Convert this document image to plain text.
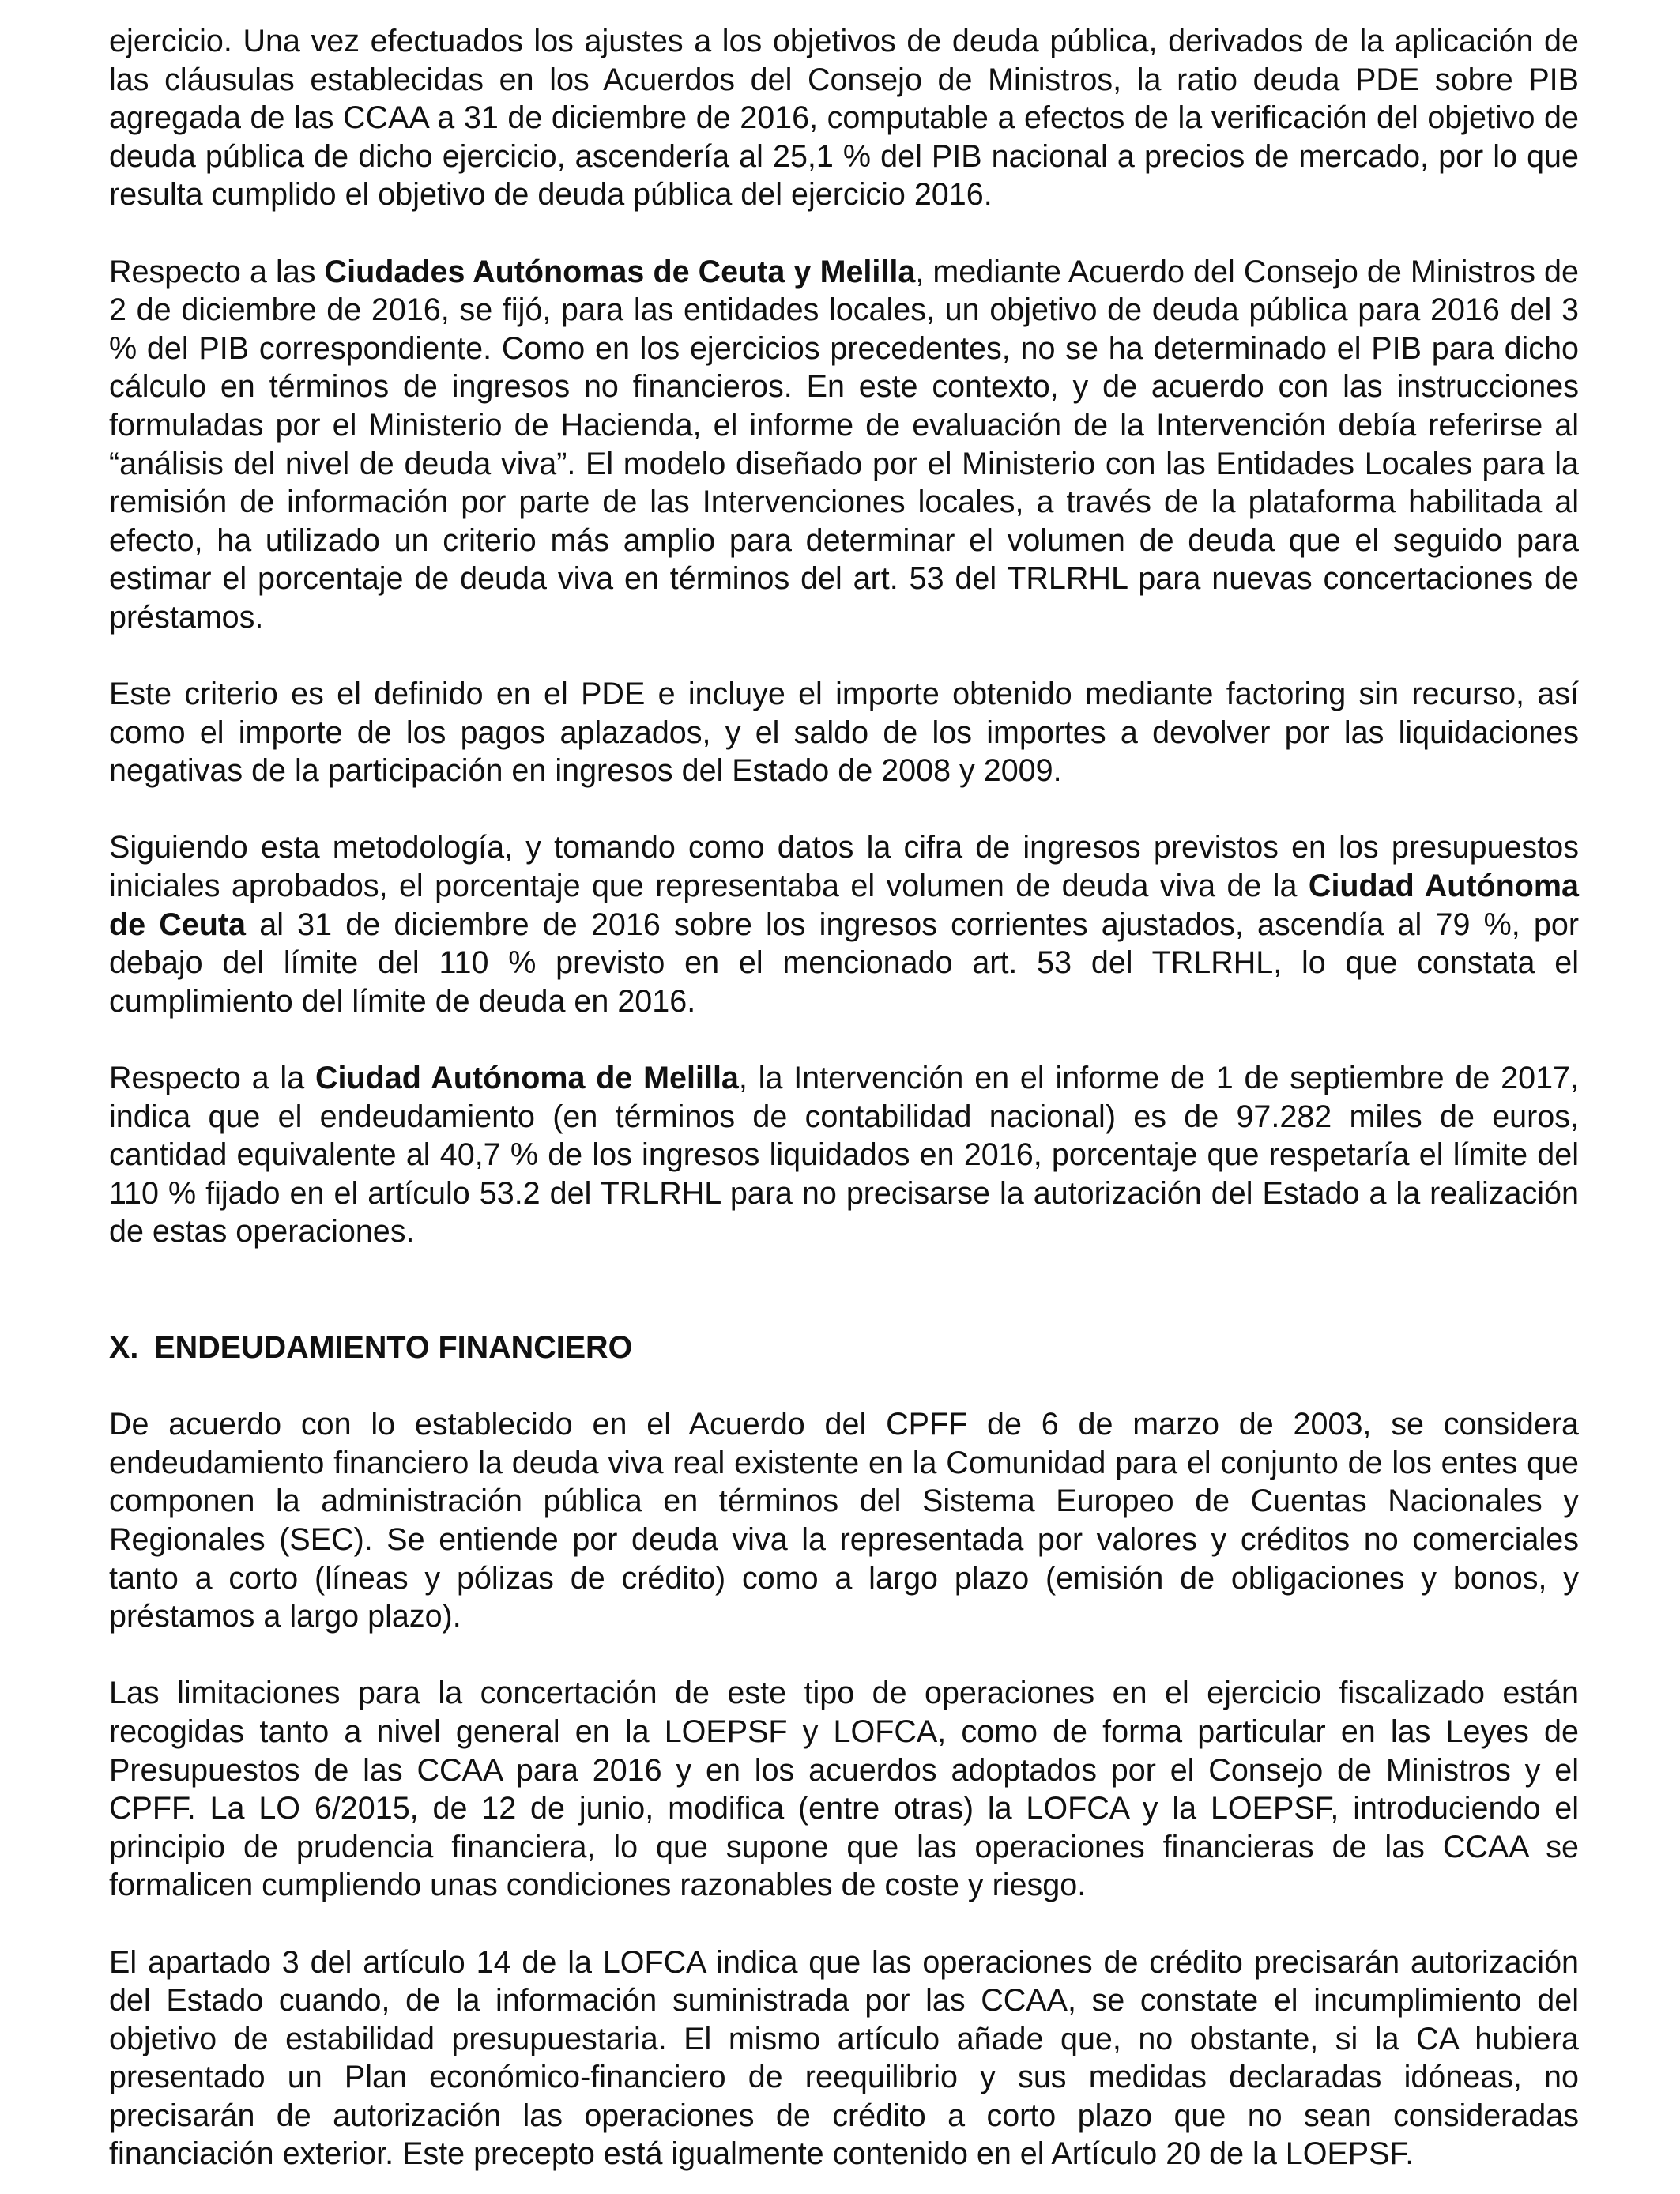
ejercicio. Una vez efectuados los ajustes a los objetivos de deuda pública, derivados de la aplicación de las cláusulas establecidas en los Acuerdos del Consejo de Ministros, la ratio deuda PDE sobre PIB agregada de las CCAA a 31 de diciembre de 2016, computable a efectos de la verificación del objetivo de deuda pública de dicho ejercicio, ascendería al 25,1 % del PIB nacional a precios de mercado, por lo que resulta cumplido el objetivo de deuda pública del ejercicio 2016.

Respecto a las Ciudades Autónomas de Ceuta y Melilla, mediante Acuerdo del Consejo de Ministros de 2 de diciembre de 2016, se fijó, para las entidades locales, un objetivo de deuda pública para 2016 del 3 % del PIB correspondiente. Como en los ejercicios precedentes, no se ha determinado el PIB para dicho cálculo en términos de ingresos no financieros. En este contexto, y de acuerdo con las instrucciones formuladas por el Ministerio de Hacienda, el informe de evaluación de la Intervención debía referirse al “análisis del nivel de deuda viva”. El modelo diseñado por el Ministerio con las Entidades Locales para la remisión de información por parte de las Intervenciones locales, a través de la plataforma habilitada al efecto, ha utilizado un criterio más amplio para determinar el volumen de deuda que el seguido para estimar el porcentaje de deuda viva en términos del art. 53 del TRLRHL para nuevas concertaciones de préstamos.

Este criterio es el definido en el PDE e incluye el importe obtenido mediante factoring sin recurso, así como el importe de los pagos aplazados, y el saldo de los importes a devolver por las liquidaciones negativas de la participación en ingresos del Estado de 2008 y 2009.

Siguiendo esta metodología, y tomando como datos la cifra de ingresos previstos en los presupuestos iniciales aprobados, el porcentaje que representaba el volumen de deuda viva de la Ciudad Autónoma de Ceuta al 31 de diciembre de 2016 sobre los ingresos corrientes ajustados, ascendía al 79 %, por debajo del límite del 110 % previsto en el mencionado art. 53 del TRLRHL, lo que constata el cumplimiento del límite de deuda en 2016.

Respecto a la Ciudad Autónoma de Melilla, la Intervención en el informe de 1 de septiembre de 2017, indica que el endeudamiento (en términos de contabilidad nacional) es de 97.282 miles de euros, cantidad equivalente al 40,7 % de los ingresos liquidados en 2016, porcentaje que respetaría el límite del 110 % fijado en el artículo 53.2 del TRLRHL para no precisarse la autorización del Estado a la realización de estas operaciones.

X. ENDEUDAMIENTO FINANCIERO

De acuerdo con lo establecido en el Acuerdo del CPFF de 6 de marzo de 2003, se considera endeudamiento financiero la deuda viva real existente en la Comunidad para el conjunto de los entes que componen la administración pública en términos del Sistema Europeo de Cuentas Nacionales y Regionales (SEC). Se entiende por deuda viva la representada por valores y créditos no comerciales tanto a corto (líneas y pólizas de crédito) como a largo plazo (emisión de obligaciones y bonos, y préstamos a largo plazo).

Las limitaciones para la concertación de este tipo de operaciones en el ejercicio fiscalizado están recogidas tanto a nivel general en la LOEPSF y LOFCA, como de forma particular en las Leyes de Presupuestos de las CCAA para 2016 y en los acuerdos adoptados por el Consejo de Ministros y el CPFF. La LO 6/2015, de 12 de junio, modifica (entre otras) la LOFCA y la LOEPSF, introduciendo el principio de prudencia financiera, lo que supone que las operaciones financieras de las CCAA se formalicen cumpliendo unas condiciones razonables de coste y riesgo.

El apartado 3 del artículo 14 de la LOFCA indica que las operaciones de crédito precisarán autorización del Estado cuando, de la información suministrada por las CCAA, se constate el incumplimiento del objetivo de estabilidad presupuestaria. El mismo artículo añade que, no obstante, si la CA hubiera presentado un Plan económico-financiero de reequilibrio y sus medidas declaradas idóneas, no precisarán de autorización las operaciones de crédito a corto plazo que no sean consideradas financiación exterior. Este precepto está igualmente contenido en el Artículo 20 de la LOEPSF.
